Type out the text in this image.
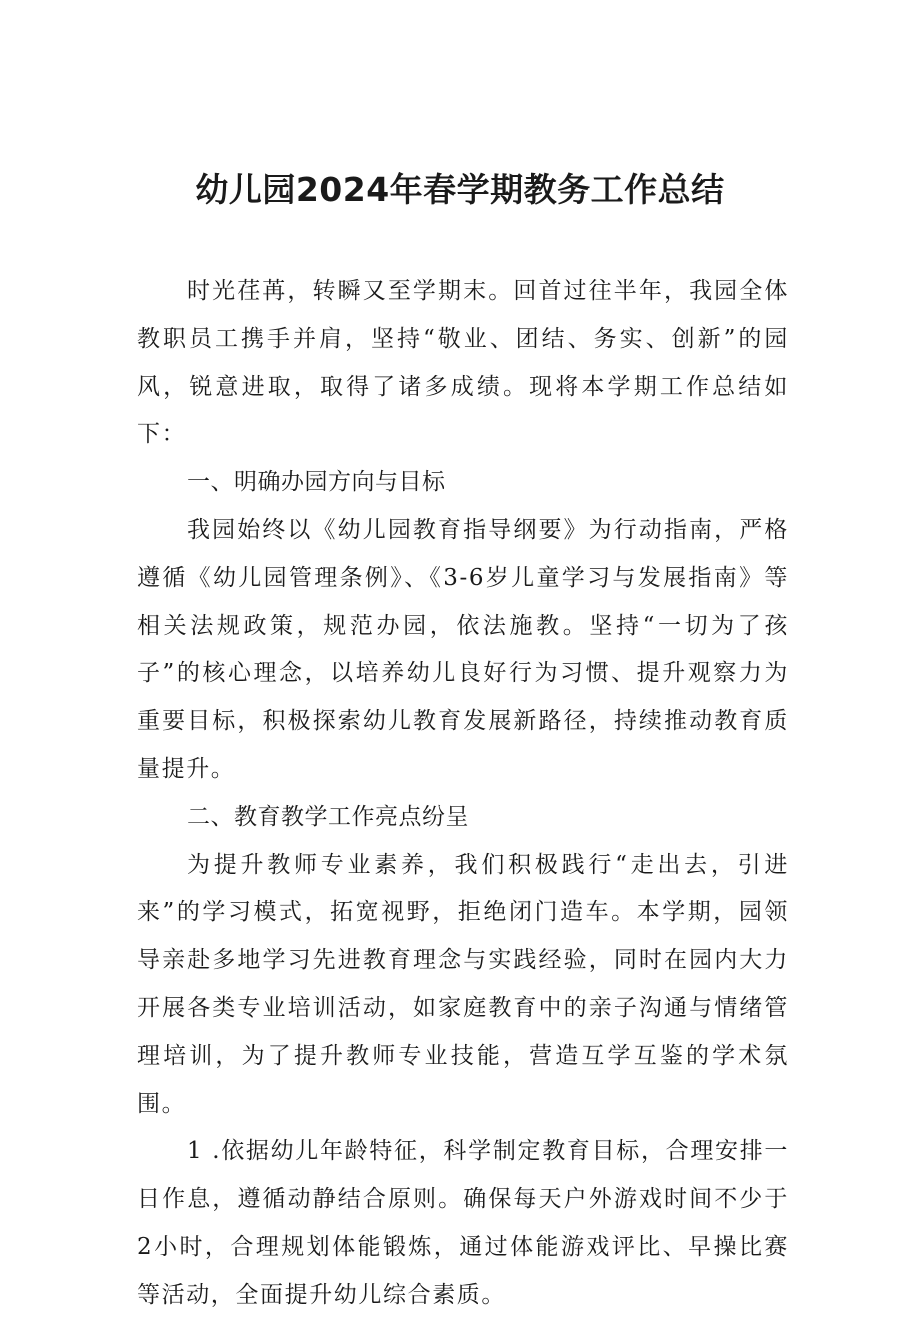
幼儿园2024年春学期教务工作总结

时光荏苒，转瞬又至学期末。回首过往半年，我园全体教职员工携手并肩，坚持“敬业、团结、务实、创新”的园风，锐意进取，取得了诸多成绩。现将本学期工作总结如下：

一、明确办园方向与目标

我园始终以《幼儿园教育指导纲要》为行动指南，严格遵循《幼儿园管理条例》、《3-6岁儿童学习与发展指南》等相关法规政策，规范办园，依法施教。坚持“一切为了孩子”的核心理念，以培养幼儿良好行为习惯、提升观察力为重要目标，积极探索幼儿教育发展新路径，持续推动教育质量提升。

二、教育教学工作亮点纷呈

为提升教师专业素养，我们积极践行“走出去，引进来”的学习模式，拓宽视野，拒绝闭门造车。本学期，园领导亲赴多地学习先进教育理念与实践经验，同时在园内大力开展各类专业培训活动，如家庭教育中的亲子沟通与情绪管理培训，为了提升教师专业技能，营造互学互鉴的学术氛围。

1 .依据幼儿年龄特征，科学制定教育目标，合理安排一日作息，遵循动静结合原则。确保每天户外游戏时间不少于2小时，合理规划体能锻炼，通过体能游戏评比、早操比赛等活动，全面提升幼儿综合素质。
